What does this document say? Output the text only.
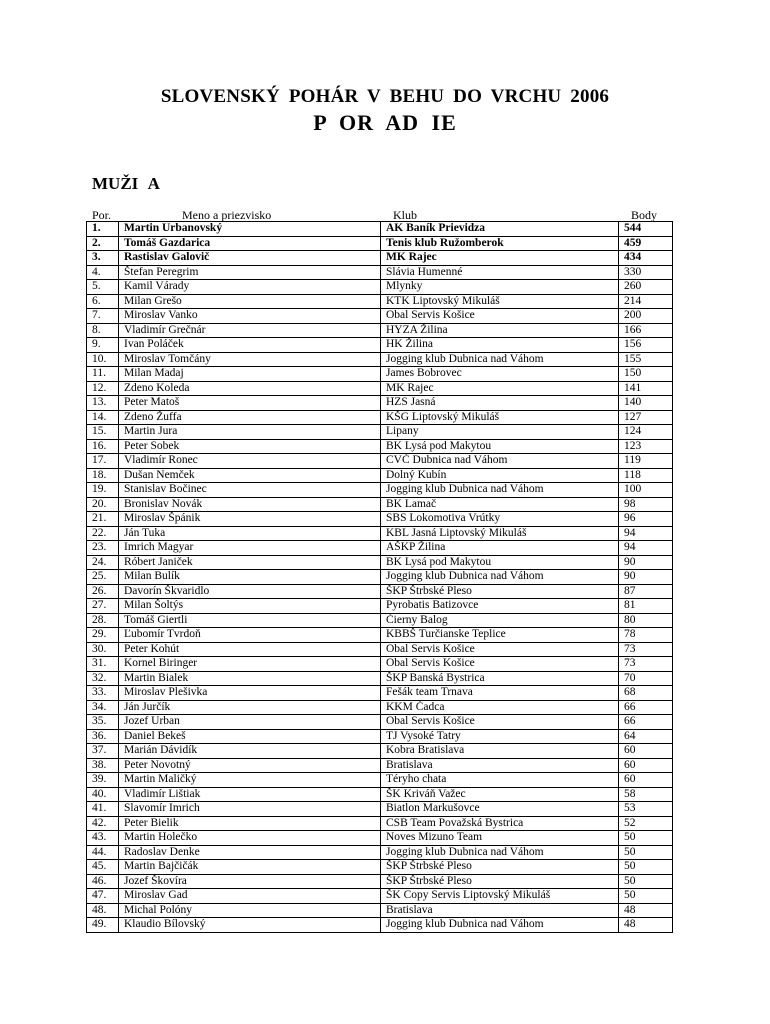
SLOVENSKÝ POHÁR V BEHU DO VRCHU 2006
P OR AD IE
MUŽI A
Por.	Meno a priezvisko	Klub	Body
1.	Martin Urbanovský	AK Baník Prievidza	544
2.	Tomáš Gazdarica	Tenis klub Ružomberok	459
3.	Rastislav Galovič	MK Rajec	434
4.	Štefan Peregrim	Slávia Humenné	330
5.	Kamil Várady	Mlynky	260
6.	Milan Grešo	KTK Liptovský Mikuláš	214
7.	Miroslav Vanko	Obal Servis Košice	200
8.	Vladimír Grečnár	HYZA Žilina	166
9.	Ivan Poláček	HK Žilina	156
10.	Miroslav Tomčány	Jogging klub Dubnica nad Váhom	155
11.	Milan Madaj	James Bobrovec	150
12.	Zdeno Koleda	MK Rajec	141
13.	Peter Matoš	HZS Jasná	140
14.	Zdeno Žuffa	KŠG Liptovský Mikuláš	127
15.	Martin Jura	Lipany	124
16.	Peter Sobek	BK Lysá pod Makytou	123
17.	Vladimír Ronec	CVČ Dubnica nad Váhom	119
18.	Dušan Nemček	Dolný Kubín	118
19.	Stanislav Bočinec	Jogging klub Dubnica nad Váhom	100
20.	Bronislav Novák	BK Lamač	98
21.	Miroslav Špánik	SBS Lokomotiva Vrútky	96
22.	Ján Tuka	KBL Jasná Liptovský Mikuláš	94
23.	Imrich Magyar	AŠKP Žilina	94
24.	Róbert Janiček	BK Lysá pod Makytou	90
25.	Milan Bulík	Jogging klub Dubnica nad Váhom	90
26.	Davorín Škvaridlo	ŠKP Štrbské Pleso	87
27.	Milan Šoltýs	Pyrobatis Batizovce	81
28.	Tomáš Giertli	Čierny Balog	80
29.	Ľubomír Tvrdoň	KBBŠ Turčianske Teplice	78
30.	Peter Kohút	Obal Servis Košice	73
31.	Kornel Biringer	Obal Servis Košice	73
32.	Martin Bialek	ŠKP Banská Bystrica	70
33.	Miroslav Plešivka	Fešák team Trnava	68
34.	Ján Jurčík	KKM Čadca	66
35.	Jozef Urban	Obal Servis Košice	66
36.	Daniel Bekeš	TJ Vysoké Tatry	64
37.	Marián Dávidík	Kobra Bratislava	60
38.	Peter Novotný	Bratislava	60
39.	Martin Maličký	Téryho chata	60
40.	Vladimír Lištiak	ŠK Kriváň Važec	58
41.	Slavomír Imrich	Biatlon Markušovce	53
42.	Peter Bielik	CSB Team Považská Bystrica	52
43.	Martin Holečko	Noves Mizuno Team	50
44.	Radoslav Denke	Jogging klub Dubnica nad Váhom	50
45.	Martin Bajčičák	ŠKP Štrbské Pleso	50
46.	Jozef Škovíra	ŠKP Štrbské Pleso	50
47.	Miroslav Gad	ŠK Copy Servis Liptovský Mikuláš	50
48.	Michal Polóny	Bratislava	48
49.	Klaudio Bílovský	Jogging klub Dubnica nad Váhom	48
